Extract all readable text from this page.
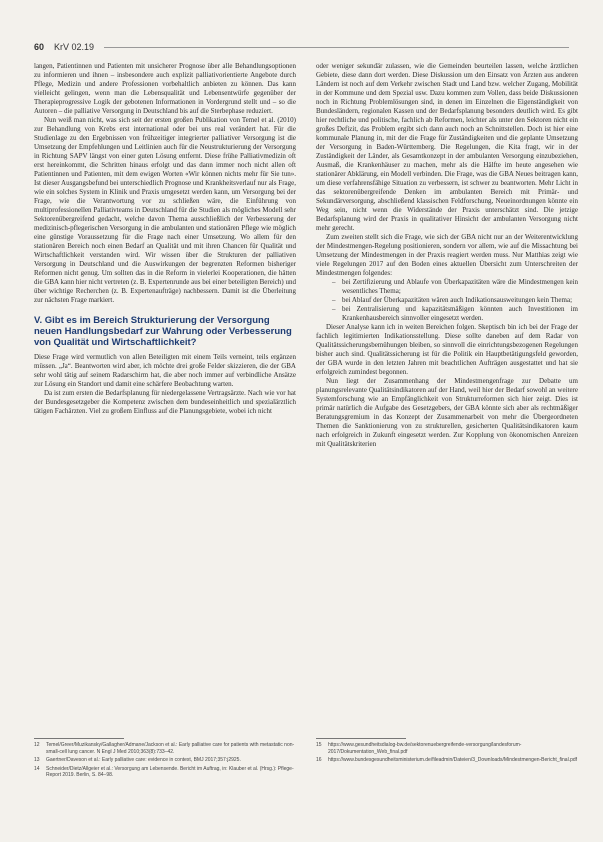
60 KrV 02.19

langen, Patientinnen und Patienten mit unsicherer Prognose über alle Behandlungsoptionen zu informieren und ihnen – insbesondere auch explizit palliativorientierte Angebote durch Pflege, Medizin und andere Professionen vorbehaltlich anbieten zu können. Das kann vielleicht gelingen, wenn man die Lebensqualität und Lebensentwürfe gegenüber der Therapieprogressive Logik der gebotenen Informationen in Vordergrund stellt und – so die Autoren – die palliative Versorgung in Deutschland bis auf die Sterbephase reduziert.

Nun weiß man nicht, was sich seit der ersten großen Publikation von Temel et al. (2010) zur Behandlung von Krebs erst international oder bei uns real verändert hat. Für die Studienlage zu den Ergebnissen von frühzeitiger integrierter palliativer Versorgung ist die Umsetzung der Empfehlungen und Leitlinien auch für die Neustrukturierung der Versorgung in Richtung SAPV längst von einer guten Lösung entfernt. Diese frühe Palliativmedizin oft erst hereinkommt, die Schritten hinaus erfolgt und das dann immer noch nicht allen oft Patientinnen und Patienten, mit dem ewigen Worten «Wir können nichts mehr für Sie tun». Ist dieser Ausgangsbefund bei unterschiedlich Prognose und Krankheitsverlauf nur als Frage, wie ein solches System in Klinik und Praxis umgesetzt werden kann, um Versorgung bei der Frage, wie die Verantwortung vor zu schließen wäre, die Einführung von multiprofessionellen Palliativteams in Deutschland für die Studien als mögliches Modell sehr Sektorenübergreifend gedacht, welche davon Thema ausschließlich der Verbesserung der medizinisch-pflegerischen Versorgung in die ambulanten und stationären Pflege wie möglich eine günstige Voraussetzung für die Frage nach einer Umsetzung. Wo allem für den stationären Bereich noch einen Bedarf an Qualität und mit ihren Chancen für Qualität und Wirtschaftlichkeit verstanden wird. Wir wissen über die Strukturen der palliativen Versorgung in Deutschland und die Auswirkungen der begrenzten Reformen bisheriger Reformen nicht genug. Um sollten das in die Reform in vielerlei Kooperationen, die hätten die GBA kann hier nicht vertreten (z. B. Expertenrunde aus bei einer beteiligten Bereich) und über wichtige Recherchen (z. B. Expertenaufträge) nachbessern. Damit ist die Überleitung zur nächsten Frage markiert.

V. Gibt es im Bereich Strukturierung der Versorgung neuen Handlungsbedarf zur Wahrung oder Verbesserung von Qualität und Wirtschaftlichkeit?

Diese Frage wird vermutlich von allen Beteiligten mit einem Teils verneint, teils ergänzen müssen. „Ja“. Beantworten wird aber, ich möchte drei große Felder skizzieren, die der GBA sehr wohl tätig auf seinem Radarschirm hat, die aber noch immer auf verbindliche Ansätze zur Lösung ein Standort und damit eine schärfere Beobachtung warten.

Da ist zum ersten die Bedarfsplanung für niedergelassene Vertragsärzte. Nach wie vor hat der Bundesgesetzgeber die Kompetenz zwischen dem bundeseinheitlich und spezialärztlich tätigen Fachärzten. Viel zu großem Einfluss auf die Planungsgebiete, wobei ich nicht

oder weniger sekundär zulassen, wie die Gemeinden beurteilen lassen, welche ärztlichen Gebiete, diese dann dort werden. Diese Diskussion um den Einsatz von Ärzten aus anderen Ländern ist noch auf dem Verkehr zwischen Stadt und Land bzw. welcher Zugang, Mobilität in der Kommune und dem Spezial usw. Dazu kommen zum Vollen, dass beide Diskussionen noch in Richtung Problemlösungen sind, in denen im Einzelnen die Eigenständigkeit von Bundesländern, regionalen Kassen und der Bedarfsplanung besonders deutlich wird. Es gibt hier rechtliche und politische, fachlich ab Reformen, leichter als unter den Sektoren nicht ein großes Defizit, das Problem ergibt sich dann auch noch an Schnittstellen. Doch ist hier eine kommunale Planung in, mit der die Frage für Zuständigkeiten und die geplante Umsetzung der Versorgung in Baden-Württemberg. Die Regelungen, die Kita fragt, wir in der Zuständigkeit der Länder, als Gesamtkonzept in der ambulanten Versorgung einzubeziehen, Ausmaß, die Krankenhäuser zu machen, mehr als die Hälfte im heute angesehen wie stationärer Abklärung, ein Modell verbinden. Die Frage, was die GBA Neues beitragen kann, um diese verfahrensfähige Situation zu verbessern, ist schwer zu beantworten. Mehr Licht in das sektorenübergreifende Denken im ambulanten Bereich mit Primär- und Sekundärversorgung, abschließend klassischen Feldforschung, Neueinordnungen könnte ein Weg sein, nicht wenn die Widerstände der Praxis unterschätzt sind. Die jetzige Bedarfsplanung wird der Praxis in qualitativer Hinsicht der ambulanten Versorgung nicht mehr gerecht.

Zum zweiten stellt sich die Frage, wie sich der GBA nicht nur an der Weiterentwicklung der Mindestmengen-Regelung positionieren, sondern vor allem, wie auf die Missachtung bei Umsetzung der Mindestmengen in der Praxis reagiert werden muss. Nur Matthias zeigt wie viele Regelungen 2017 auf den Boden eines aktuellen Übersicht zum Unterschreiten der Mindestmengen folgendes:

– bei Zertifizierung und Ablaufe von Überkapazitäten wäre die Mindestmengen kein wesentliches Thema;
– bei Ablauf der Überkapazitäten wären auch Indikationsausweitungen kein Thema;
– bei Zentralisierung und kapazitätsmäßigen könnten auch Investitionen im Krankenhausbereich sinnvoller eingesetzt werden.

Dieser Analyse kann ich in weiten Bereichen folgen. Skeptisch bin ich bei der Frage der fachlich legitimierten Indikationsstellung. Diese sollte daneben auf dem Radar von Qualitätssicherungsbemühungen bleiben, so sinnvoll die einrichtungsbezogenen Regelungen bisher auch sind. Qualitätssicherung ist für die Politik ein Hauptbetätigungsfeld geworden, der GBA wurde in den letzten Jahren mit beachtlichen Aufträgen ausgestattet und hat sie erfolgreich zumindest begonnen.

Nun liegt der Zusammenhang der Mindestmengenfrage zur Debatte um planungsrelevante Qualitätsindikatoren auf der Hand, weil hier der Bedarf sowohl an weitere Systemforschung wie an Empfänglichkeit von Strukturreformen sich hier zeigt. Dies ist primär natürlich die Aufgabe des Gesetzgebers, der GBA könnte sich aber als rechtmäßiger Beratungsgremium in das Konzept der Zusammenarbeit von mehr die Übergeordneten Themen die Sanktionierung von zu strukturellen, gesicherten Qualitätsindikatoren kaum nach erfolgreich in Zukunft eingesetzt werden. Zur Kopplung von ökonomischen Anreizen mit Qualitätskriterien

12	Temel/Greer/Muzikansky/Gallagher/Admane/Jackson et al.: Early palliative care for patients with metastatic non-small-cell lung cancer. N Engl J Med 2010;363(8):733–42.
13	Gaertner/Daveson et al.: Early palliative care: evidence in context, BMJ 2017;357:j2925.
14	Schneider/Dietz/Allgeier et al.: Versorgung am Lebensende. Bericht im Auftrag, in: Klauber et al. (Hrsg.): Pflege-Report 2019. Berlin, S. 84–98.
15	https://www.gesundheitsdialog-bw.de/sektorenuebergreifende-versorgung/landesforum-2017/Dokumentation_Web_final.pdf
16	https://www.bundesgesundheitsministerium.de/fileadmin/Dateien/3_Downloads/Mindestmengen-Bericht_final.pdf
